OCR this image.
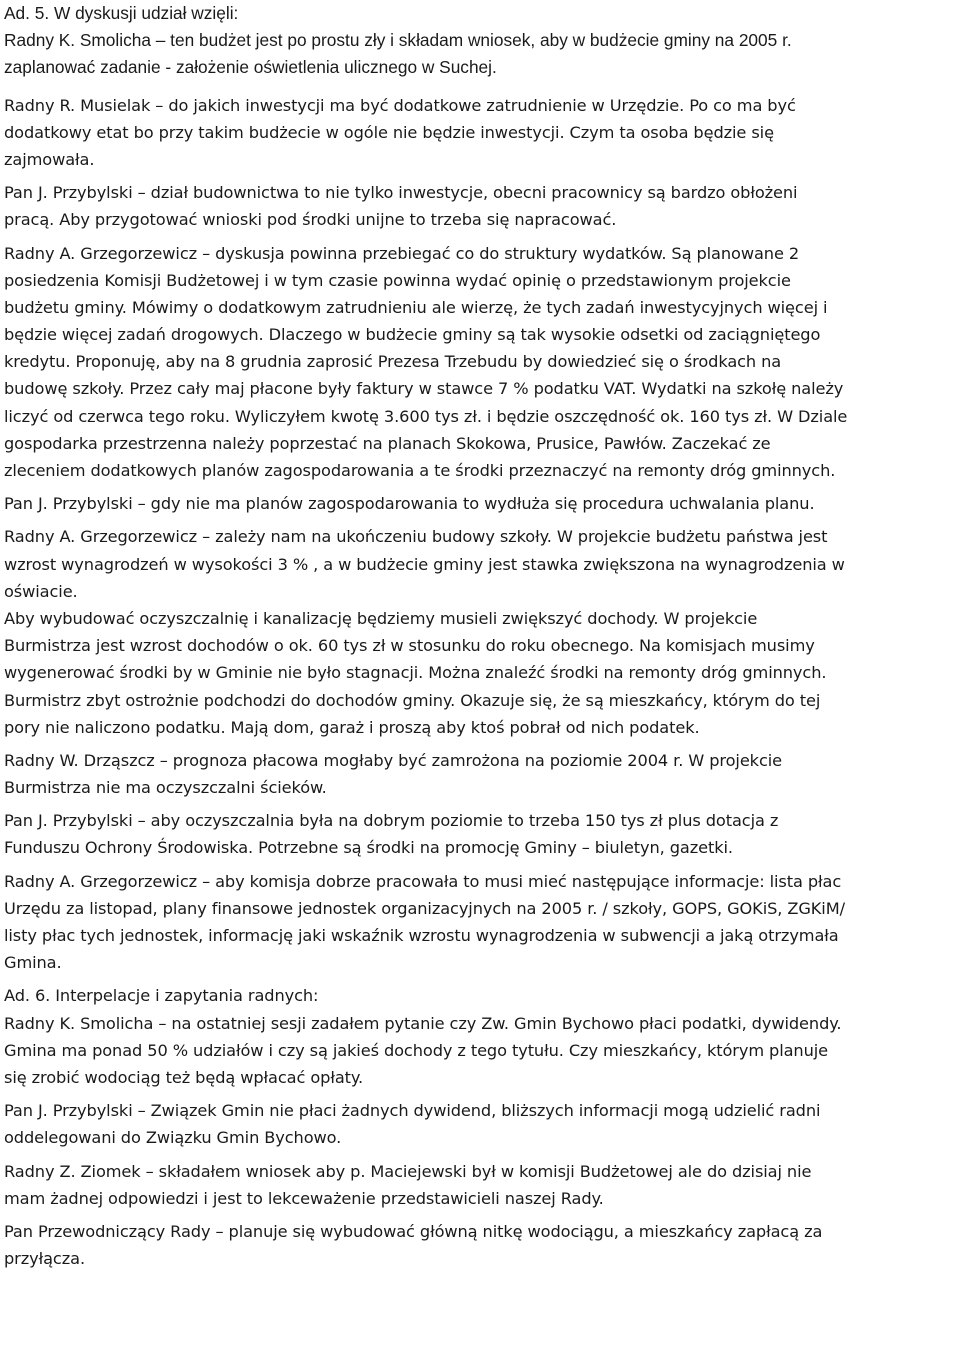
Ad. 5. W dyskusji udział wzięli:
Radny K. Smolicha – ten budżet jest po prostu zły i składam wniosek, aby w budżecie gminy na 2005 r.
zaplanować zadanie - założenie oświetlenia ulicznego w Suchej.
Radny R. Musielak – do jakich inwestycji ma być dodatkowe zatrudnienie w Urzędzie. Po co ma być
dodatkowy etat bo przy takim budżecie w ogóle nie będzie inwestycji. Czym ta osoba będzie się
zajmowała.
Pan J. Przybylski – dział budownictwa to nie tylko inwestycje, obecni pracownicy są bardzo obłożeni
pracą. Aby przygotować wnioski pod środki unijne to trzeba się napracować.
Radny A. Grzegorzewicz – dyskusja powinna przebiegać co do struktury wydatków. Są planowane 2
posiedzenia Komisji Budżetowej i w tym czasie powinna wydać opinię o przedstawionym projekcie
budżetu gminy. Mówimy o dodatkowym zatrudnieniu ale wierzę, że tych zadań inwestycyjnych więcej i
będzie więcej zadań drogowych. Dlaczego w budżecie gminy są tak wysokie odsetki od zaciągniętego
kredytu. Proponuję, aby na 8 grudnia zaprosić Prezesa Trzebudu by dowiedzieć się o środkach na
budowę szkoły. Przez cały maj płacone były faktury w stawce 7 % podatku VAT. Wydatki na szkołę należy
liczyć od czerwca tego roku. Wyliczyłem kwotę 3.600 tys zł. i będzie oszczędność ok. 160 tys zł. W Dziale
gospodarka przestrzenna należy poprzestać na planach Skokowa, Prusice, Pawłów. Zaczekać ze
zleceniem dodatkowych planów zagospodarowania a te środki przeznaczyć na remonty dróg gminnych.
Pan J. Przybylski – gdy nie ma planów zagospodarowania to wydłuża się procedura uchwalania planu.
Radny A. Grzegorzewicz – zależy nam na ukończeniu budowy szkoły. W projekcie budżetu państwa jest
wzrost wynagrodzeń w wysokości 3 % , a w budżecie gminy jest stawka zwiększona na wynagrodzenia w
oświacie.
Aby wybudować oczyszczalnię i kanalizację będziemy musieli zwiększyć dochody. W projekcie
Burmistrza jest wzrost dochodów o ok. 60 tys zł w stosunku do roku obecnego. Na komisjach musimy
wygenerować środki by w Gminie nie było stagnacji. Można znaleźć środki na remonty dróg gminnych.
Burmistrz zbyt ostrożnie podchodzi do dochodów gminy. Okazuje się, że są mieszkańcy, którym do tej
pory nie naliczono podatku. Mają dom, garaż i proszą aby ktoś pobrał od nich podatek.
Radny W. Drząszcz – prognoza płacowa mogłaby być zamrożona na poziomie 2004 r. W projekcie
Burmistrza nie ma oczyszczalni ścieków.
Pan J. Przybylski – aby oczyszczalnia była na dobrym poziomie to trzeba 150 tys zł plus dotacja z
Funduszu Ochrony Środowiska. Potrzebne są środki na promocję Gminy – biuletyn, gazetki.
Radny A. Grzegorzewicz – aby komisja dobrze pracowała to musi mieć następujące informacje: lista płac
Urzędu za listopad, plany finansowe jednostek organizacyjnych na 2005 r. / szkoły, GOPS, GOKiS, ZGKiM/
listy płac tych jednostek, informację jaki wskaźnik wzrostu wynagrodzenia w subwencji a jaką otrzymała
Gmina.
Ad. 6. Interpelacje i zapytania radnych:
Radny K. Smolicha – na ostatniej sesji zadałem pytanie czy Zw. Gmin Bychowo płaci podatki, dywidendy.
Gmina ma ponad 50 % udziałów i czy są jakieś dochody z tego tytułu. Czy mieszkańcy, którym planuje
się zrobić wodociąg też będą wpłacać opłaty.
Pan J. Przybylski – Związek Gmin nie płaci żadnych dywidend, bliższych informacji mogą udzielić radni
oddelegowani do Związku Gmin Bychowo.
Radny Z. Ziomek – składałem wniosek aby p. Maciejewski był w komisji Budżetowej ale do dzisiaj nie
mam żadnej odpowiedzi i jest to lekceważenie przedstawicieli naszej Rady.
Pan Przewodniczący Rady – planuje się wybudować główną nitkę wodociągu, a mieszkańcy zapłacą za
przyłącza.
